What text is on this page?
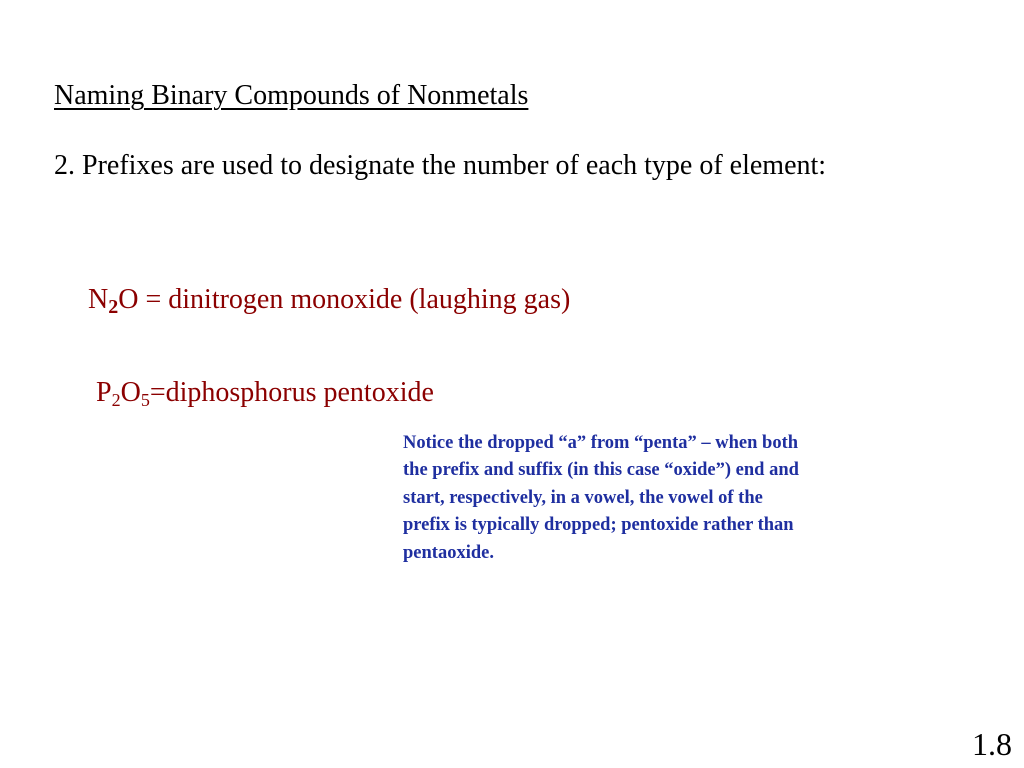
Naming Binary Compounds of Nonmetals
2. Prefixes are used to designate the number of each type of element:
$N_2O$ = dinitrogen monoxide (laughing gas)
$P_2O_5=diphosphorus$ pentoxide
Notice the dropped “a” from “penta” – when both the prefix and suffix (in this case “oxide”) end and start, respectively, in a vowel, the vowel of the prefix is typically dropped; pentoxide rather than pentaoxide.
1.8
